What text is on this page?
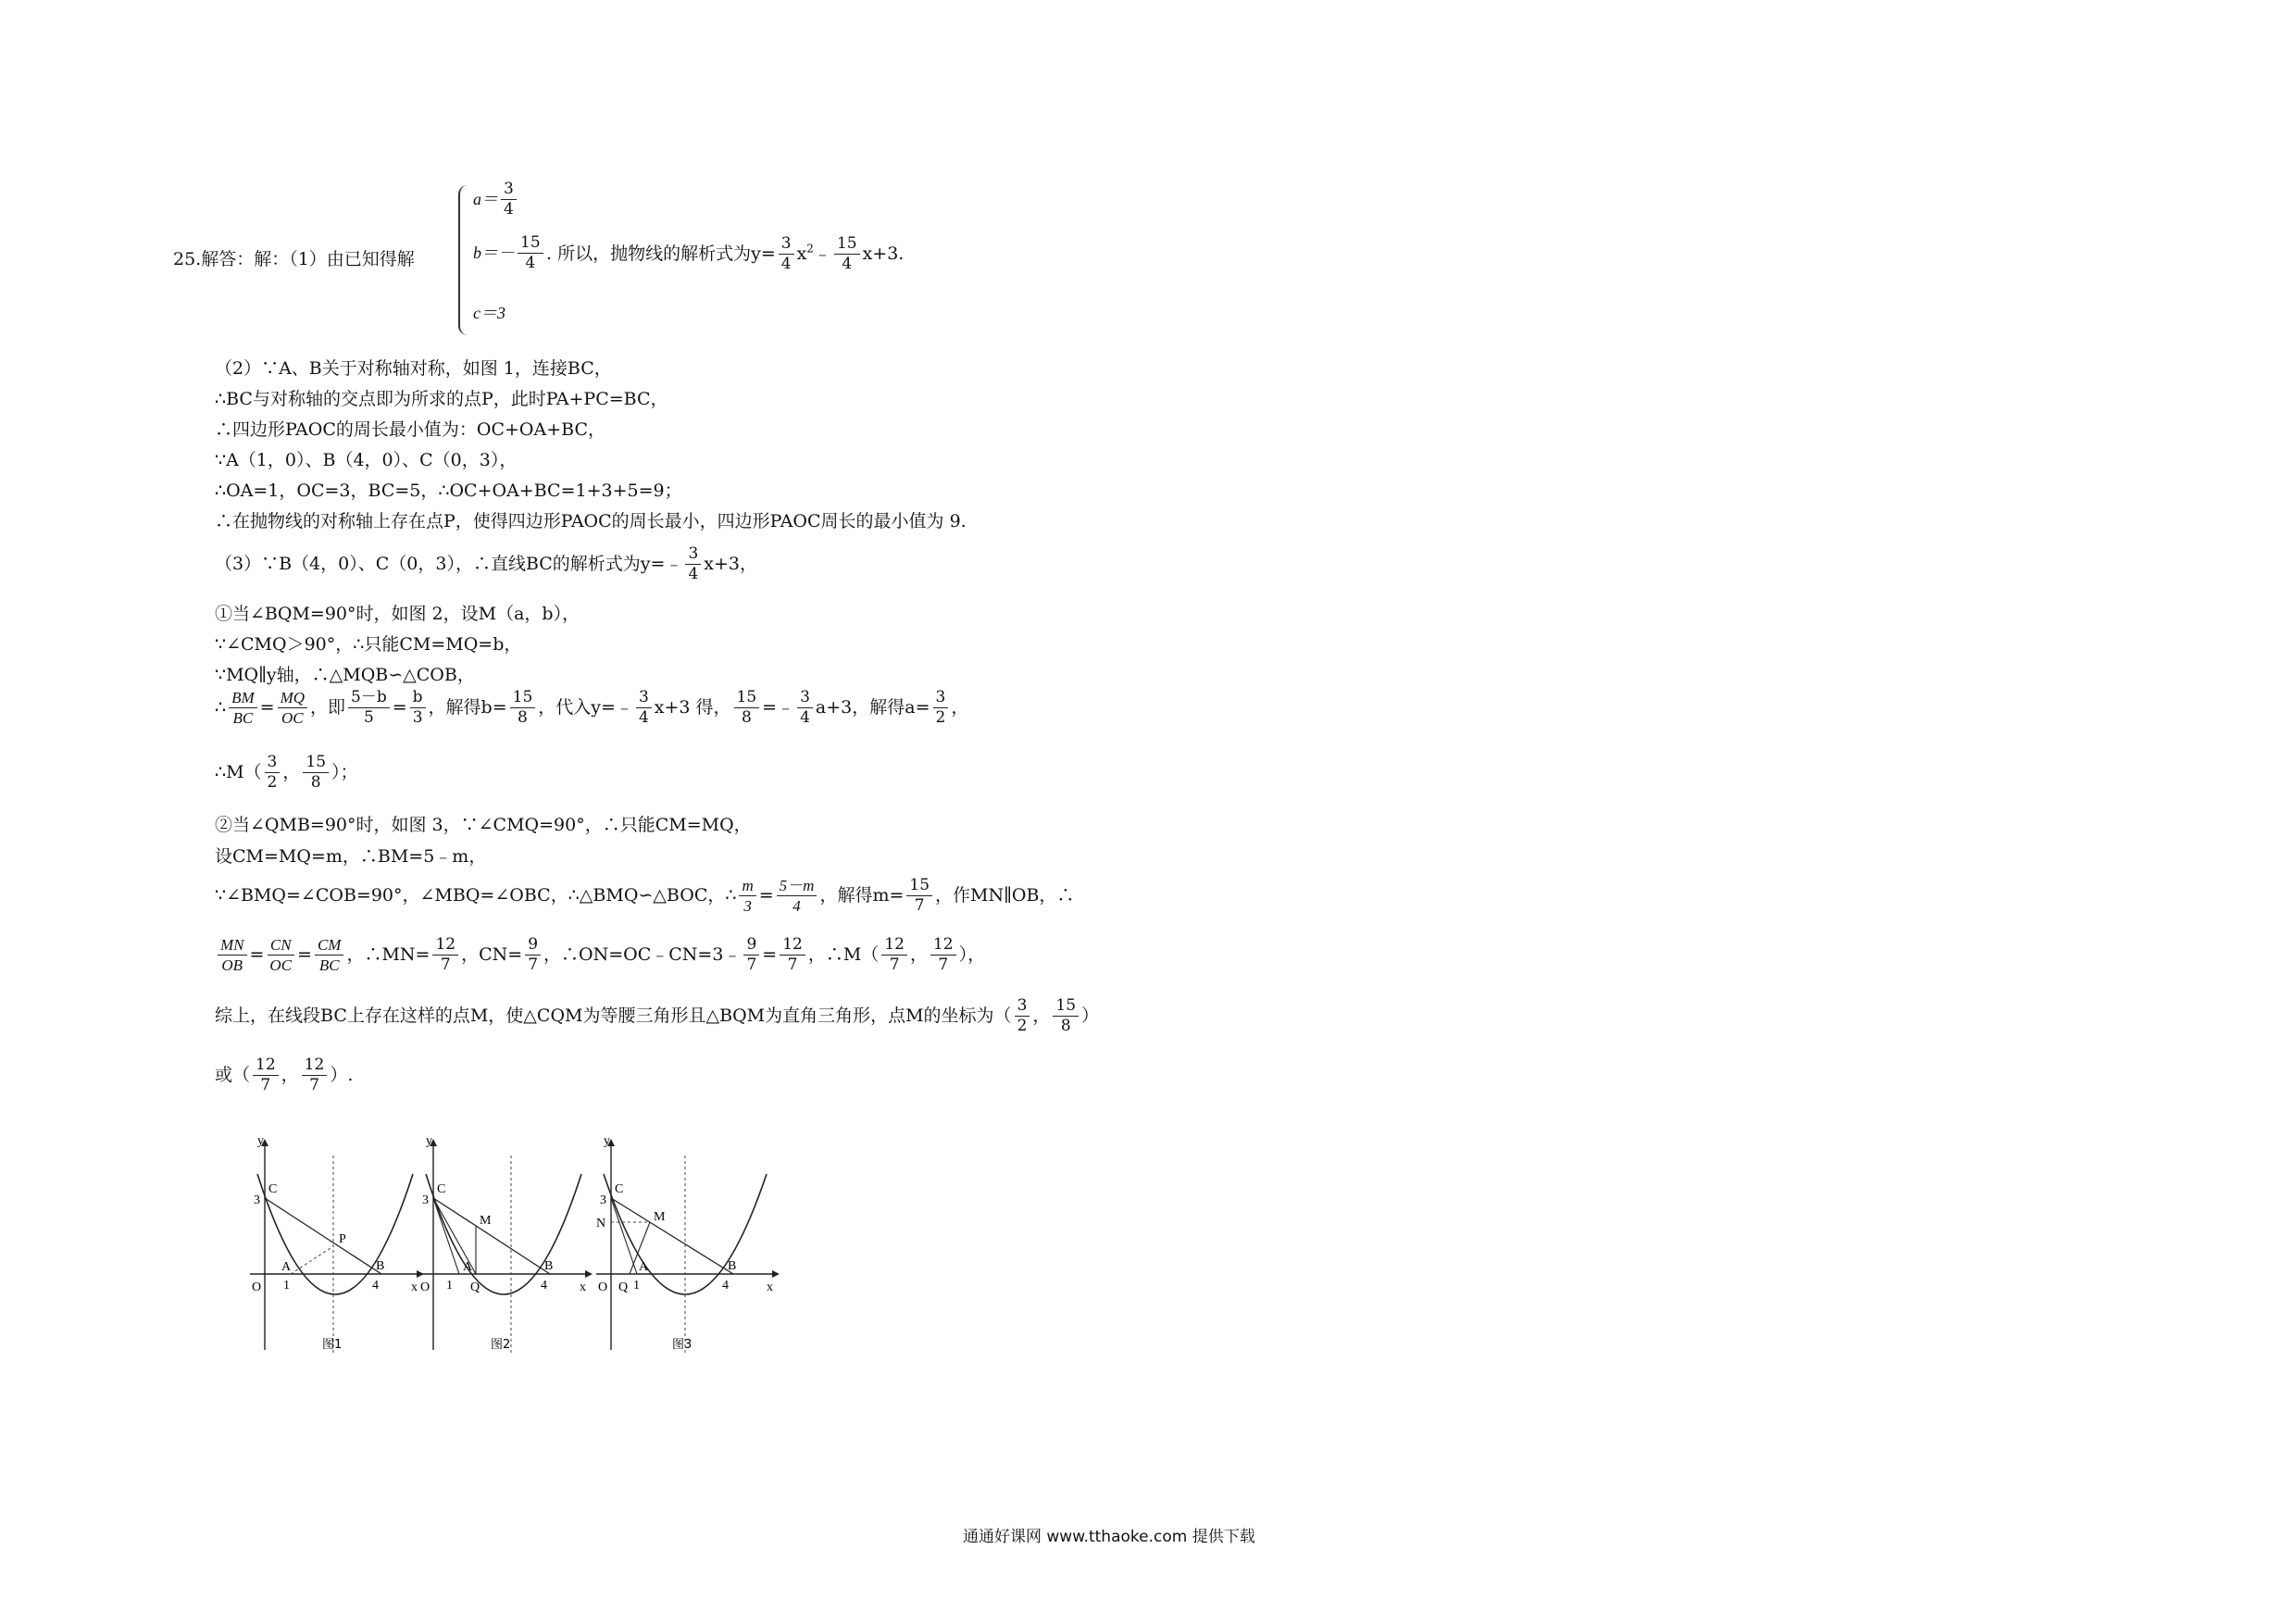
25.解答：解：（1）由已知得解
$a= \frac{3}{4}$
$b=- \frac{15}{4}$
c＝3
. 所以，抛物线的解析式为$y= \frac{3}{4}$ $x^2﹣ \frac{15}{4} x+3$.
（2）∵A、B关于对称轴对称，如图 1，连接BC，
∴BC与对称轴的交点即为所求的点P，此时PA+PC=BC，
∴四边形PAOC的周长最小值为：OC+OA+BC，
∵A（1，0）、B（4，0）、C（0，3），
∴OA=1，OC=3，BC=5，∴OC+OA+BC=1+3+5=9；
∴在抛物线的对称轴上存在点P，使得四边形PAOC的周长最小，四边形PAOC周长的最小值为 9.
（3）∵B（4，0）、C（0，3），∴直线BC的解析式为y=﹣ $\frac{3}{4} x+3$，
①当∠BQM=90°时，如图 2，设M（a，b），
∵∠CMQ＞90°，∴只能CM=MQ=b，
∵MQ∥y轴，∴△MQB∽△COB，
∴ $\frac{BM}{BC} = \frac{MQ}{OC}$ ，即 $\frac{5-b}{5} = \frac{b}{3}$ ，解得$b= \frac{15}{8}$ ，代入y=﹣ $\frac{3}{4} x+3$ 得， $\frac{15}{8}$ =﹣ $\frac{3}{4} a+3$，解得$a= \frac{3}{2}$ ，
∴M（ $\frac{3}{2}$ ， $\frac{15}{8}$ ）；
②当∠QMB=90°时，如图 3，∵∠CMQ=90°，∴只能CM=MQ，
设CM=MQ=m，∴BM=5﹣m，
∵∠BMQ=∠COB=90°，∠MBQ=∠OBC，∴△BMQ∽△BOC，∴ $\frac{m}{3} = \frac{5-m}{4}$ ，解得$m= \frac{15}{7}$ ，作MN∥OB，∴
$\frac{MN}{OB} = \frac{CN}{OC} = \frac{CM}{BC}$ ，∴MN= $\frac{12}{7}$ ，$CN= \frac{9}{7}$ ，∴ON=OC﹣CN=3﹣ $\frac{9}{7} = \frac{12}{7}$ ，∴M（ $\frac{12}{7}$ ， $\frac{12}{7}$ ），
综上，在线段BC上存在这样的点M，使△CQM为等腰三角形且△BQM为直角三角形，点M的坐标为（ $\frac{3}{2}$ ， $\frac{15}{8}$ ）
或（ $\frac{12}{7}$ ， $\frac{12}{7}$ ）.
y
x
O
A
1
B
4
C
3
P
图1
y
x
O
A
1 Q
B
4
C
3
M
图2
y
x
O
A
1
Q
B
4
C
3
N	M
图3
通通好课网 www.tthaoke.com 提供下载
